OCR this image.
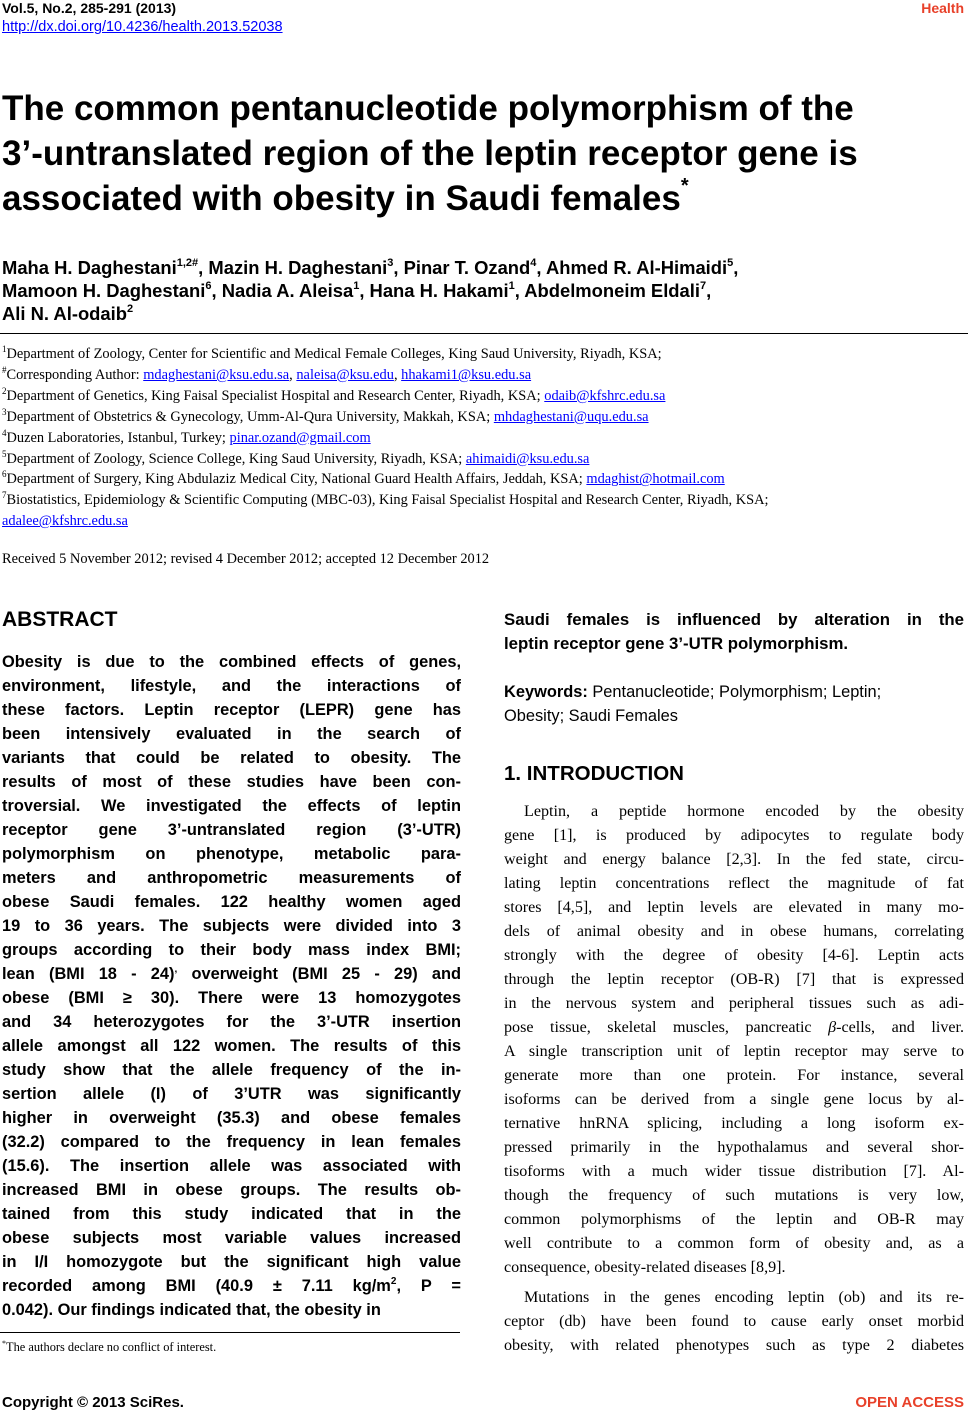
Vol.5, No.2, 285-291 (2013)
http://dx.doi.org/10.4236/health.2013.52038
Health
The common pentanucleotide polymorphism of the
3’-untranslated region of the leptin receptor gene is
associated with obesity in Saudi females*
Maha H. Daghestani$^{1,2\#}$, Mazin H. Daghestani$^3$, Pinar T. Ozand$^4$, Ahmed R. Al-Himaidi$^5$,
Mamoon H. Daghestani$^6$, Nadia A. Aleisa$^1$, Hana H. Hakami$^1$, Abdelmoneim Eldali$^7$,
Ali N. Al-odaib$^2$
$^1$Department of Zoology, Center for Scientific and Medical Female Colleges, King Saud University, Riyadh, KSA;
#Corresponding Author: mdaghestani@ksu.edu.sa, naleisa@ksu.edu, hhakami1@ksu.edu.sa
$^2$Department of Genetics, King Faisal Specialist Hospital and Research Center, Riyadh, KSA; odaib@kfshrc.edu.sa
$^3$Department of Obstetrics & Gynecology, Umm-Al-Qura University, Makkah, KSA; mhdaghestani@uqu.edu.sa
$^4$Duzen Laboratories, Istanbul, Turkey; pinar.ozand@gmail.com
$^5$Department of Zoology, Science College, King Saud University, Riyadh, KSA; ahimaidi@ksu.edu.sa
$^6$Department of Surgery, King Abdulaziz Medical City, National Guard Health Affairs, Jeddah, KSA; mdaghist@hotmail.com
$^7$Biostatistics, Epidemiology & Scientific Computing (MBC-03), King Faisal Specialist Hospital and Research Center, Riyadh, KSA;
adalee@kfshrc.edu.sa
Received 5 November 2012; revised 4 December 2012; accepted 12 December 2012
ABSTRACT
Obesity is due to the combined effects of genes,
environment, lifestyle, and the interactions of
these factors. Leptin receptor (LEPR) gene has
been intensively evaluated in the search of
variants that could be related to obesity. The
results of most of these studies have been con-
troversial. We investigated the effects of leptin
receptor gene 3’-untranslated region (3’-UTR)
polymorphism on phenotype, metabolic para-
meters and anthropometric measurements of
obese Saudi females. 122 healthy women aged
19 to 36 years. The subjects were divided into 3
groups according to their body mass index BMI;
lean (BMI 18 - 24), overweight (BMI 25 - 29) and
obese (BMI ≥ 30). There were 13 homozygotes
and 34 heterozygotes for the 3’-UTR insertion
allele amongst all 122 women. The results of this
study show that the allele frequency of the in-
sertion allele (I) of 3’UTR was significantly
higher in overweight (35.3) and obese females
(32.2) compared to the frequency in lean females
(15.6). The insertion allele was associated with
increased BMI in obese groups. The results ob-
tained from this study indicated that in the
obese subjects most variable values increased
in I/I homozygote but the significant high value
recorded among BMI (40.9 ± 7.11 $kg/m^2$, P =
0.042). Our findings indicated that, the obesity in
*The authors declare no conflict of interest.
Saudi females is influenced by alteration in the
leptin receptor gene 3’-UTR polymorphism.
Keywords: Pentanucleotide; Polymorphism; Leptin;
Obesity; Saudi Females
1. INTRODUCTION
Leptin, a peptide hormone encoded by the obesity
gene [1], is produced by adipocytes to regulate body
weight and energy balance [2,3]. In the fed state, circu-
lating leptin concentrations reflect the magnitude of fat
stores [4,5], and leptin levels are elevated in many mo-
dels of animal obesity and in obese humans, correlating
strongly with the degree of obesity [4-6]. Leptin acts
through the leptin receptor (OB-R) [7] that is expressed
in the nervous system and peripheral tissues such as adi-
pose tissue, skeletal muscles, pancreatic β-cells, and liver.
A single transcription unit of leptin receptor may serve to
generate more than one protein. For instance, several
isoforms can be derived from a single gene locus by al-
ternative hnRNA splicing, including a long isoform ex-
pressed primarily in the hypothalamus and several shor-
tisoforms with a much wider tissue distribution [7]. Al-
though the frequency of such mutations is very low,
common polymorphisms of the leptin and OB-R may
well contribute to a common form of obesity and, as a
consequence, obesity-related diseases [8,9].
Mutations in the genes encoding leptin (ob) and its re-
ceptor (db) have been found to cause early onset morbid
obesity, with related phenotypes such as type 2 diabetes
Copyright © 2013 SciRes.	OPEN ACCESS
